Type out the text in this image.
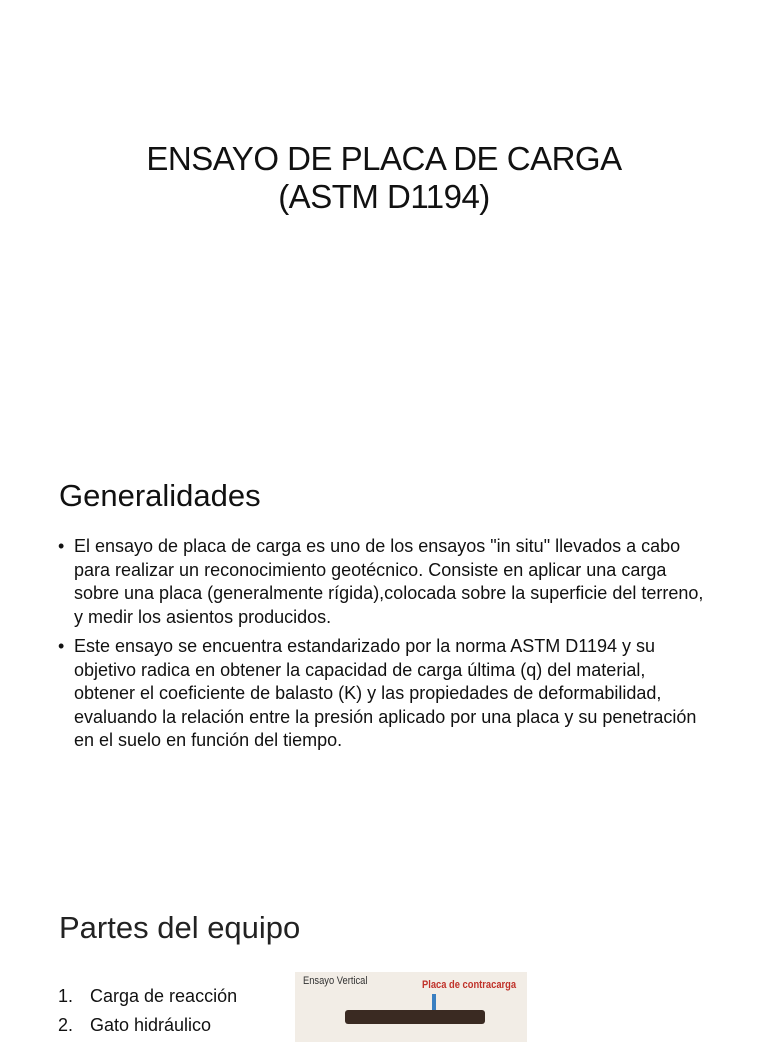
ENSAYO DE PLACA DE CARGA
(ASTM D1194)
Generalidades
• El ensayo de placa de carga es uno de los ensayos "in situ" llevados a cabo para realizar un reconocimiento geotécnico. Consiste en aplicar una carga sobre una placa (generalmente rígida),colocada sobre la superficie del terreno, y medir los asientos producidos.
• Este ensayo se encuentra estandarizado por la norma ASTM D1194 y su objetivo radica en obtener la capacidad de carga última (q) del material, obtener el coeficiente de balasto (K) y las propiedades de deformabilidad, evaluando la relación entre la presión aplicado por una placa y su penetración en el suelo en función del tiempo.
Partes del equipo
1. Carga de reacción
2. Gato hidráulico
Ensayo Vertical	Placa de contracarga
